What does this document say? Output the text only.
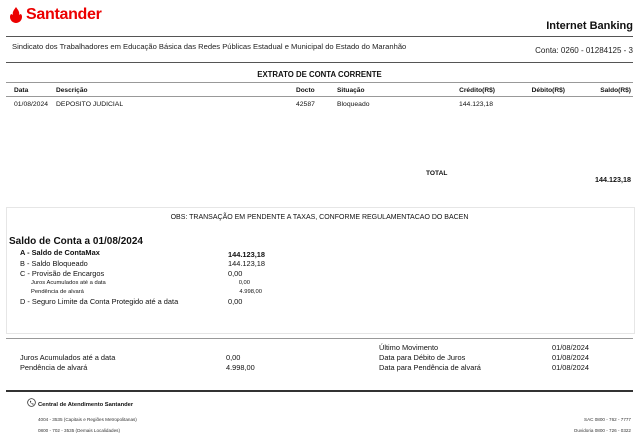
Santander
Internet Banking
Sindicato dos Trabalhadores em Educação Básica das Redes Públicas Estadual e Municipal do Estado do Maranhão	Conta: 0260 - 01284125 - 3
EXTRATO DE CONTA CORRENTE
Data	Descrição	Docto	Situação	Crédito(R$)	Débito(R$)	Saldo(R$)
01/08/2024 DEPOSITO JUDICIAL	42587	Bloqueado	144.123,18
TOTAL
144.123,18
OBS: TRANSAÇÃO EM PENDENTE A TAXAS, CONFORME REGULAMENTACAO DO BACEN
Saldo de Conta a 01/08/2024
A - Saldo de ContaMax	144.123,18
B - Saldo Bloqueado	144.123,18
C - Provisão de Encargos	0,00
Juros Acumulados até a data	0,00
Pendência de alvará	4.998,00
D - Seguro Limite da Conta Protegido até a data	0,00
Último Movimento	01/08/2024
Juros Acumulados até a data	0,00	Data para Débito de Juros	01/08/2024
Pendência de alvará	4.998,00	Data para Pendência de alvará	01/08/2024
Central de Atendimento Santander
4004 - 3535 (Capitais e Regiões Metropolitanas)
0800 - 702 - 3535 (Demais Localidades)
SAC 0800 - 762 - 7777
Ouvidoria 0800 - 726 - 0322
